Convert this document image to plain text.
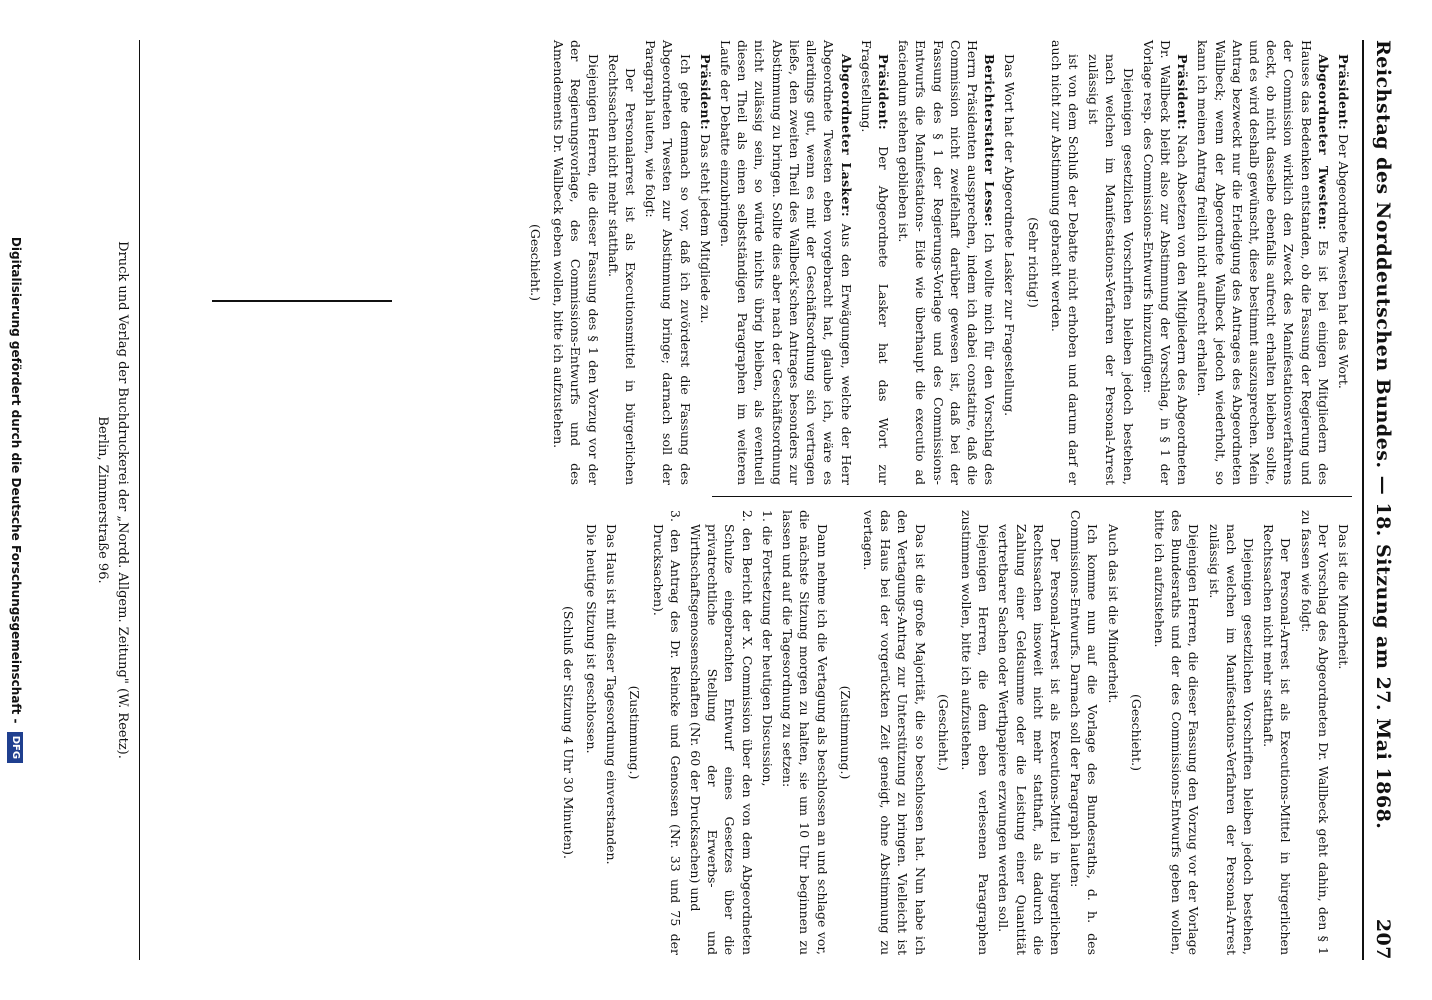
Reichstag des Norddeutschen Bundes. — 18. Sitzung am 27. Mai 1868.
207

Präsident: Der Abgeordnete Twesten hat das Wort.

Abgeordneter Twesten: Es ist bei einigen Mitgliedern des Hauses das Bedenken entstanden, ob die Fassung der Regierung und der Commission wirklich den Zweck des Manifestationsverfahrens deckt, ob nicht dasselbe ebenfalls aufrecht erhalten bleiben sollte, und es wird deshalb gewünscht, diese bestimmt auszusprechen. Mein Antrag bezweckt nur die Erledigung des Antrages des Abgeordneten Wallbeck; wenn der Abgeordnete Wallbeck jedoch wiederholt, so kann ich meinen Antrag freilich nicht aufrecht erhalten.

Präsident: Nach Absetzen von den Mitgliedern des Abgeordneten Dr. Wallbeck bleibt also zur Abstimmung der Vorschlag, in § 1 der Vorlage resp. des Commissions-Entwurfs hinzuzufügen:

Diejenigen gesetzlichen Vorschriften bleiben jedoch bestehen, nach welchen im Manifestations-Verfahren der Personal-Arrest zulässig ist

ist von dem Schluß der Debatte nicht erhoben und darum darf er auch nicht zur Abstimmung gebracht werden.

(Sehr richtig!)

Das Wort hat der Abgeordnete Lasker zur Fragestellung.

Berichterstatter Lesse: Ich wollte mich für den Vorschlag des Herrn Präsidenten aussprechen, indem ich dabei constatire, daß die Commission nicht zweifelhaft darüber gewesen ist, daß bei der Fassung des § 1 der Regierungs-Vorlage und des Commissions-Entwurfs die Manifestations- Eide wie überhaupt die executio ad faciendum stehen geblieben ist.

Präsident: Der Abgeordnete Lasker hat das Wort zur Fragestellung.

Abgeordneter Lasker: Aus den Erwägungen, welche der Herr Abgeordnete Twesten eben vorgebracht hat, glaube ich, wäre es allerdings gut, wenn es mit der Geschäftsordnung sich vertragen ließe, den zweiten Theil des Wallbeck'schen Antrages besonders zur Abstimmung zu bringen. Sollte dies aber nach der Geschäftsordnung nicht zulässig sein, so würde nichts übrig bleiben, als eventuell diesen Theil als einen selbstständigen Paragraphen im weiteren Laufe der Debatte einzubringen.

Präsident: Das steht jedem Mitgliede zu.

Ich gehe demnach so vor, daß ich zuvörderst die Fassung des Abgeordneten Twesten zur Abstimmung bringe; darnach soll der Paragraph lauten, wie folgt:

Der Personalarrest ist als Executionsmittel in bürgerlichen Rechtssachen nicht mehr statthaft.

Diejenigen Herren, die dieser Fassung des § 1 den Vorzug vor der der Regierungsvorlage, des Commissions-Entwurfs und des Amendements Dr. Wallbeck geben wollen, bitte ich aufzustehen.

(Geschieht.)

Das ist die Minderheit.

Der Vorschlag des Abgeordneten Dr. Wallbeck geht dahin, den § 1 zu fassen wie folgt:

Der Personal-Arrest ist als Executions-Mittel in bürgerlichen Rechtssachen nicht mehr statthaft.

Diejenigen gesetzlichen Vorschriften bleiben jedoch bestehen, nach welchen im Manifestations-Verfahren der Personal-Arrest zulässig ist.

Diejenigen Herren, die dieser Fassung den Vorzug vor der Vorlage des Bundesraths und der des Commissions-Entwurfs geben wollen, bitte ich aufzustehen.

(Geschieht.)

Auch das ist die Minderheit.

Ich komme nun auf die Vorlage des Bundesraths, d. h. des Commissions-Entwurfs. Darnach soll der Paragraph lauten:

Der Personal-Arrest ist als Executions-Mittel in bürgerlichen Rechtssachen insoweit nicht mehr statthaft, als dadurch die Zahlung einer Geldsumme oder die Leistung einer Quantität vertretbarer Sachen oder Werthpapiere erzwungen werden soll.

Diejenigen Herren, die dem eben verlesenen Paragraphen zustimmen wollen, bitte ich aufzustehen.

(Geschieht.)

Das ist die große Majorität, die so beschlossen hat. Nun habe ich den Vertagungs-Antrag zur Unterstützung zu bringen. Vielleicht ist das Haus bei der vorgerückten Zeit geneigt, ohne Abstimmung zu vertagen.

(Zustimmung.)

Dann nehme ich die Vertagung als beschlossen an und schlage vor, die nächste Sitzung morgen zu halten, sie um 10 Uhr beginnen zu lassen und auf die Tagesordnung zu setzen:

1. die Fortsetzung der heutigen Discussion,

2. den Bericht der X. Commission über den von dem Abgeordneten Schulze eingebrachten Entwurf eines Gesetzes über die privatrechtliche Stellung der Erwerbs- und Wirthschaftsgenossenschaften (Nr. 60 der Drucksachen) und

3. den Antrag des Dr. Reincke und Genossen (Nr. 33 und 75 der Drucksachen).

(Zustimmung.)

Das Haus ist mit dieser Tagesordnung einverstanden.

Die heutige Sitzung ist geschlossen.

(Schluß der Sitzung 4 Uhr 30 Minuten).

Druck und Verlag der Buchdruckerei der „Nordd. Allgem. Zeitung" (W. Reetz).
Berlin, Zimmerstraße 96.
Digitalisierung gefördert durch die Deutsche Forschungsgemeinschaft - DFG
